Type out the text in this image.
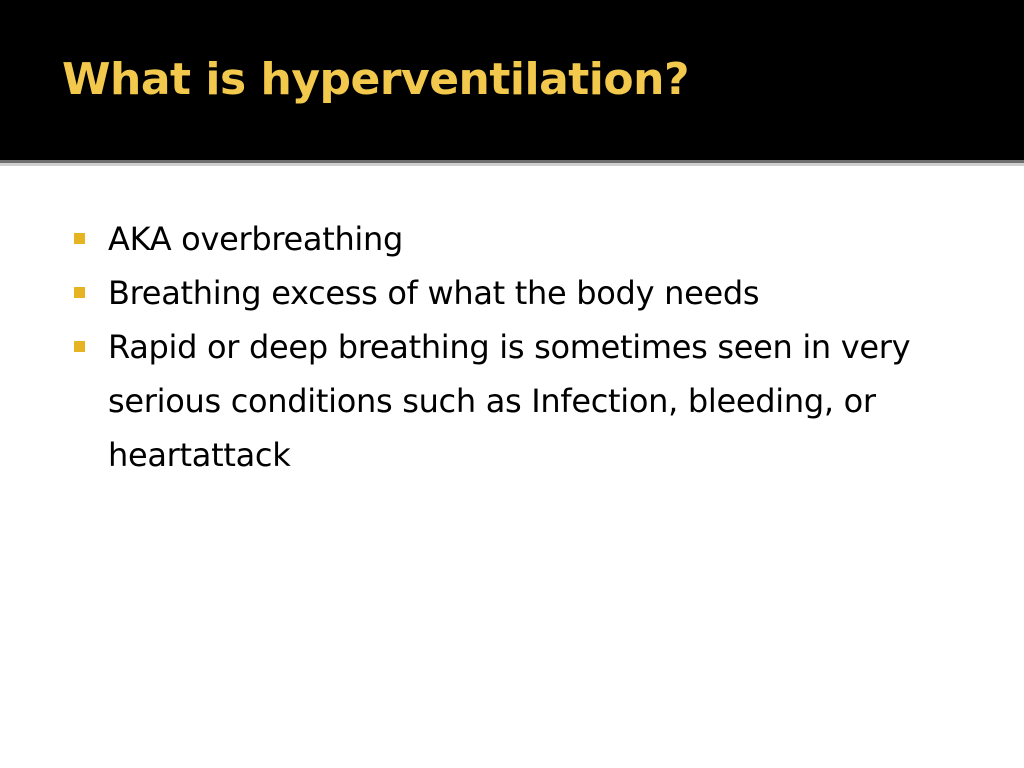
What is hyperventilation?
AKA overbreathing
Breathing excess of what the body needs
Rapid or deep breathing is sometimes seen in very serious conditions such as Infection, bleeding, or heartattack
